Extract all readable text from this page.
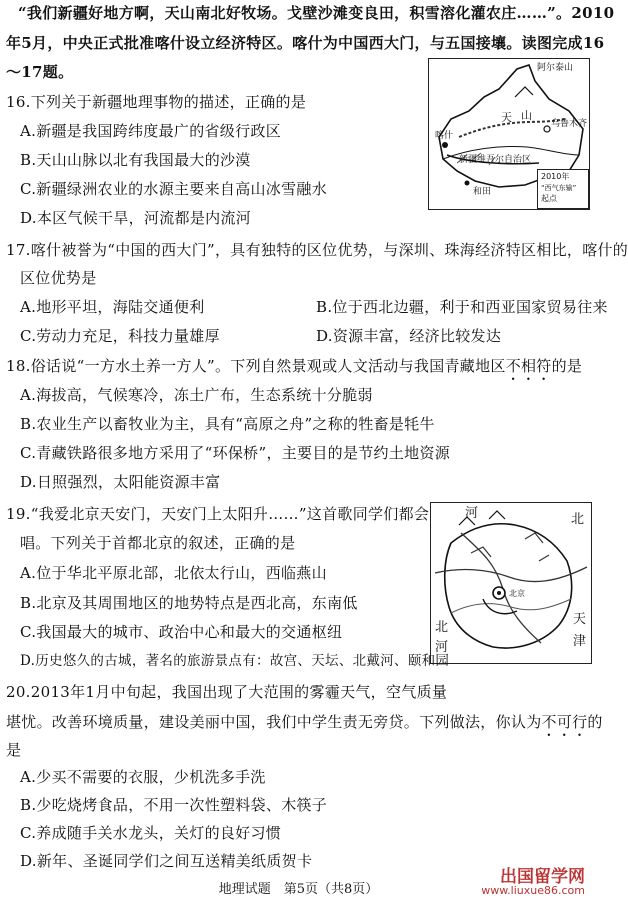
“我们新疆好地方啊，天山南北好牧场。戈壁沙滩变良田，积雪溶化灌农庄……”。2010
年5月，中央正式批准喀什设立经济特区。喀什为中国西大门，与五国接壤。读图完成16
～17题。	阿尔泰山
乌鲁木齐
天 山
新疆维吾尔自治区
喀什
和田
2010年
“西气东输”
起点
16.下列关于新疆地理事物的描述，正确的是
A.新疆是我国跨纬度最广的省级行政区
B.天山山脉以北有我国最大的沙漠
C.新疆绿洲农业的水源主要来自高山冰雪融水
D.本区气候干旱，河流都是内流河
17.喀什被誉为“中国的西大门”，具有独特的区位优势，与深圳、珠海经济特区相比，喀什的
区位优势是
A.地形平坦，海陆交通便利	B.位于西北边疆，利于和西亚国家贸易往来
C.劳动力充足，科技力量雄厚	D.资源丰富，经济比较发达
18.俗话说“一方水土养一方人”。下列自然景观或人文活动与我国青藏地区不相符的是
A.海拔高，气候寒冷，冻土广布，生态系统十分脆弱
B.农业生产以畜牧业为主，具有“高原之舟”之称的牲畜是牦牛
C.青藏铁路很多地方采用了“环保桥”，主要目的是节约土地资源
D.日照强烈，太阳能资源丰富
河	北
天
津
河
北
北京
19.“我爱北京天安门，天安门上太阳升……”这首歌同学们都会
唱。下列关于首都北京的叙述，正确的是
A.位于华北平原北部，北依太行山，西临燕山
B.北京及其周围地区的地势特点是西北高，东南低
C.我国最大的城市、政治中心和最大的交通枢纽
D.历史悠久的古城，著名的旅游景点有：故宫、天坛、北戴河、颐和园
20.2013年1月中旬起，我国出现了大范围的雾霾天气，空气质量
堪忧。改善环境质量，建设美丽中国，我们中学生责无旁贷。下列做法，你认为不可行的
是
A.少买不需要的衣服，少机洗多手洗
B.少吃烧烤食品，不用一次性塑料袋、木筷子
C.养成随手关水龙头，关灯的良好习惯
D.新年、圣诞同学们之间互送精美纸质贺卡
地理试题　第5页（共8页）
出国留学网
www.liuxue86.com
